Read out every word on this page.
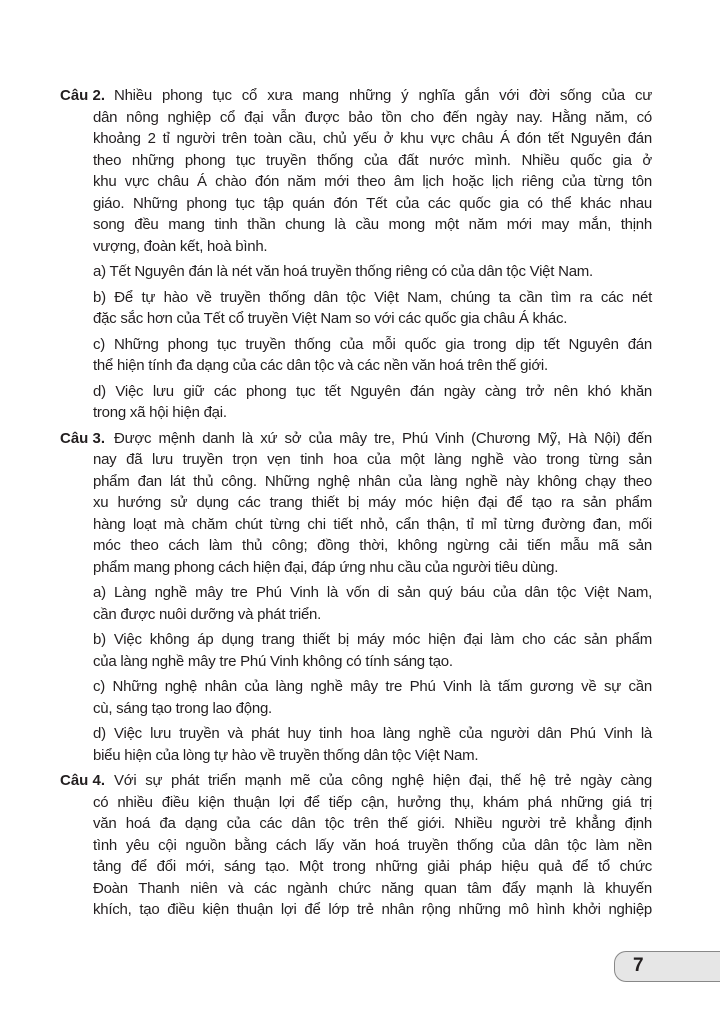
Câu 2. Nhiều phong tục cổ xưa mang những ý nghĩa gắn với đời sống của cư
dân nông nghiệp cổ đại vẫn được bảo tồn cho đến ngày nay. Hằng năm, có
khoảng 2 tỉ người trên toàn cầu, chủ yếu ở khu vực châu Á đón tết Nguyên đán
theo những phong tục truyền thống của đất nước mình. Nhiều quốc gia ở
khu vực châu Á chào đón năm mới theo âm lịch hoặc lịch riêng của từng tôn
giáo. Những phong tục tập quán đón Tết của các quốc gia có thể khác nhau
song đều mang tinh thần chung là cầu mong một năm mới may mắn, thịnh
vượng, đoàn kết, hoà bình.
a) Tết Nguyên đán là nét văn hoá truyền thống riêng có của dân tộc Việt Nam.
b) Để tự hào về truyền thống dân tộc Việt Nam, chúng ta cần tìm ra các nét
đặc sắc hơn của Tết cổ truyền Việt Nam so với các quốc gia châu Á khác.
c) Những phong tục truyền thống của mỗi quốc gia trong dịp tết Nguyên đán
thể hiện tính đa dạng của các dân tộc và các nền văn hoá trên thế giới.
d) Việc lưu giữ các phong tục tết Nguyên đán ngày càng trở nên khó khăn
trong xã hội hiện đại.
Câu 3. Được mệnh danh là xứ sở của mây tre, Phú Vinh (Chương Mỹ, Hà Nội) đến
nay đã lưu truyền trọn vẹn tinh hoa của một làng nghề vào trong từng sản
phẩm đan lát thủ công. Những nghệ nhân của làng nghề này không chạy theo
xu hướng sử dụng các trang thiết bị máy móc hiện đại để tạo ra sản phẩm
hàng loạt mà chăm chút từng chi tiết nhỏ, cẩn thận, tỉ mỉ từng đường đan, mối
móc theo cách làm thủ công; đồng thời, không ngừng cải tiến mẫu mã sản
phẩm mang phong cách hiện đại, đáp ứng nhu cầu của người tiêu dùng.
a) Làng nghề mây tre Phú Vinh là vốn di sản quý báu của dân tộc Việt Nam,
cần được nuôi dưỡng và phát triển.
b) Việc không áp dụng trang thiết bị máy móc hiện đại làm cho các sản phẩm
của làng nghề mây tre Phú Vinh không có tính sáng tạo.
c) Những nghệ nhân của làng nghề mây tre Phú Vinh là tấm gương về sự cần
cù, sáng tạo trong lao động.
d) Việc lưu truyền và phát huy tinh hoa làng nghề của người dân Phú Vinh là
biểu hiện của lòng tự hào về truyền thống dân tộc Việt Nam.
Câu 4. Với sự phát triển mạnh mẽ của công nghệ hiện đại, thế hệ trẻ ngày càng
có nhiều điều kiện thuận lợi để tiếp cận, hưởng thụ, khám phá những giá trị
văn hoá đa dạng của các dân tộc trên thế giới. Nhiều người trẻ khẳng định
tình yêu cội nguồn bằng cách lấy văn hoá truyền thống của dân tộc làm nền
tảng để đổi mới, sáng tạo. Một trong những giải pháp hiệu quả để tổ chức
Đoàn Thanh niên và các ngành chức năng quan tâm đẩy mạnh là khuyến
khích, tạo điều kiện thuận lợi để lớp trẻ nhân rộng những mô hình khởi nghiệp
7
